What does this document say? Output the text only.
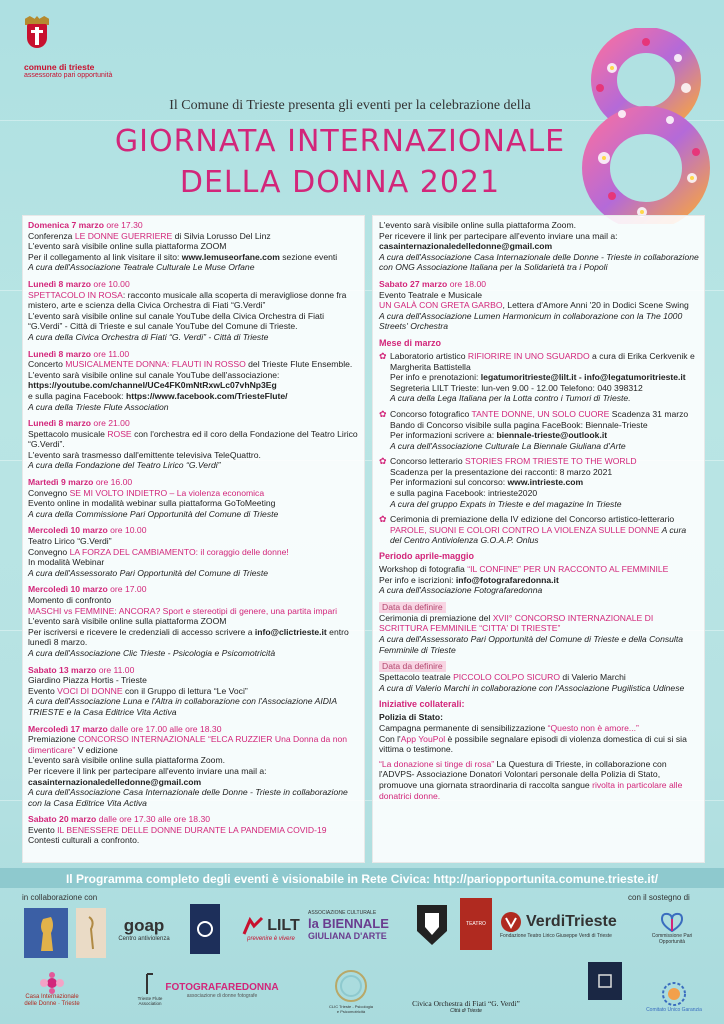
comune di trieste
assessorato pari opportunità
Il Comune di Trieste presenta gli eventi per la celebrazione della
GIORNATA INTERNAZIONALE
DELLA DONNA 2021
Domenica 7 marzo ore 17.30
Conferenza LE DONNE GUERRIERE di Silvia Lorusso Del Linz
L'evento sarà visibile online sulla piattaforma ZOOM
Per il collegamento al link visitare il sito: www.lemuseorfane.com sezione eventi
A cura dell'Associazione Teatrale Culturale Le Muse Orfane
Lunedì 8 marzo ore 10.00
SPETTACOLO IN ROSA: racconto musicale alla scoperta di meravigliose donne fra mistero, arte e scienza della Civica Orchestra di Fiati “G.Verdi”
L'evento sarà visibile online sul canale YouTube della Civica Orchestra di Fiati “G.Verdi” - Città di Trieste e sul canale YouTube del Comune di Trieste.
A cura della Civica Orchestra di Fiati “G. Verdi” - Città di Trieste
Lunedì 8 marzo ore 11.00
Concerto MUSICALMENTE DONNA: FLAUTI IN ROSSO del Trieste Flute Ensemble.
L'evento sarà visibile online sul canale YouTube dell'associazione:
https://youtube.com/channel/UCe4FK0mNtRxwLc07vhNp3Eg
e sulla pagina Facebook: https://www.facebook.com/TriesteFlute/
A cura della Trieste Flute Association
Lunedì 8 marzo ore 21.00
Spettacolo musicale ROSE con l'orchestra ed il coro della Fondazione del Teatro Lirico “G.Verdi”.
L'evento sarà trasmesso dall'emittente televisiva TeleQuattro.
A cura della Fondazione del Teatro Lirico “G.Verdi”
Martedì 9 marzo ore 16.00
Convegno SE MI VOLTO INDIETRO – La violenza economica
Evento online in modalità webinar sulla piattaforma GoToMeeting
A cura della Commissione Pari Opportunità del Comune di Trieste
Mercoledì 10 marzo ore 10.00
Teatro Lirico “G.Verdi”
Convegno LA FORZA DEL CAMBIAMENTO: il coraggio delle donne!
In modalità Webinar
A cura dell'Assessorato Pari Opportunità del Comune di Trieste
Mercoledì 10 marzo ore 17.00
Momento di confronto
MASCHI vs FEMMINE: ANCORA? Sport e stereotipi di genere, una partita impari
L'evento sarà visibile online sulla piattaforma ZOOM
Per iscriversi e ricevere le credenziali di accesso scrivere a info@clictrieste.it entro lunedì 8 marzo.
A cura dell'Associazione Clic Trieste - Psicologia e Psicomotricità
Sabato 13 marzo ore 11.00
Giardino Piazza Hortis - Trieste
Evento VOCI DI DONNE con il Gruppo di lettura “Le Voci”
A cura dell'Associazione Luna e l'Altra in collaborazione con l'Associazione AIDIA TRIESTE e la Casa Editrice Vita Activa
Mercoledì 17 marzo dalle ore 17.00 alle ore 18.30
Premiazione CONCORSO INTERNAZIONALE “ELCA RUZZIER Una Donna da non dimenticare” V edizione
L'evento sarà visibile online sulla piattaforma Zoom.
Per ricevere il link per partecipare all'evento inviare una mail a:
casainternazionaledelledonne@gmail.com
A cura dell'Associazione Casa Internazionale delle Donne - Trieste in collaborazione con la Casa Editrice Vita Activa
Sabato 20 marzo dalle ore 17.30 alle ore 18.30
Evento IL BENESSERE DELLE DONNE DURANTE LA PANDEMIA COVID-19
Contesti culturali a confronto.
L'evento sarà visibile online sulla piattaforma Zoom.
Per ricevere il link per partecipare all'evento inviare una mail a:
casainternazionaledelledonne@gmail.com
A cura dell'Associazione Casa Internazionale delle Donne - Trieste in collaborazione con ONG Associazione Italiana per la Solidarietà tra i Popoli
Sabato 27 marzo ore 18.00
Evento Teatrale e Musicale
UN GALÀ CON GRETA GARBO, Lettera d'Amore Anni '20 in Dodici Scene Swing
A cura dell'Associazione Lumen Harmonicum in collaborazione con la The 1000 Streets' Orchestra
Mese di marzo
✿ Laboratorio artistico RIFIORIRE IN UNO SGUARDO a cura di Erika Cerkvenik e Margherita Battistella
Per info e prenotazioni: legatumoritrieste@lilt.it - info@legatumoritrieste.it
Segreteria LILT Trieste: lun-ven 9.00 - 12.00 Telefono: 040 398312
A cura della Lega Italiana per la Lotta contro i Tumori di Trieste.
✿ Concorso fotografico TANTE DONNE, UN SOLO CUORE Scadenza 31 marzo
Bando di Concorso visibile sulla pagina FaceBook: Biennale-Trieste
Per informazioni scrivere a: biennale-trieste@outlook.it
A cura dell'Associazione Culturale La Biennale Giuliana d'Arte
✿ Concorso letterario STORIES FROM TRIESTE TO THE WORLD
Scadenza per la presentazione dei racconti: 8 marzo 2021
Per informazioni sul concorso: www.intrieste.com
e sulla pagina Facebook: intrieste2020
A cura del gruppo Expats in Trieste e del magazine In Trieste
✿ Cerimonia di premiazione della IV edizione del Concorso artistico-letterario PAROLE, SUONI E COLORI CONTRO LA VIOLENZA SULLE DONNE A cura del Centro Antiviolenza G.O.A.P. Onlus
Periodo aprile-maggio
Workshop di fotografia “IL CONFINE” PER UN RACCONTO AL FEMMINILE
Per info e iscrizioni: info@fotografaredonna.it
A cura dell'Associazione Fotografaredonna
Data da definire
Cerimonia di premiazione del XVII° CONCORSO INTERNAZIONALE DI SCRITTURA FEMMINILE “CITTA' DI TRIESTE”
A cura dell'Assessorato Pari Opportunità del Comune di Trieste e della Consulta Femminile di Trieste
Data da definire
Spettacolo teatrale PICCOLO COLPO SICURO di Valerio Marchi
A cura di Valerio Marchi in collaborazione con l'Associazione Pugilistica Udinese
Iniziative collaterali:
Polizia di Stato:
Campagna permanente di sensibilizzazione “Questo non è amore...”
Con l'App YouPol è possibile segnalare episodi di violenza domestica di cui si sia vittima o testimone.
“La donazione si tinge di rosa” La Questura di Trieste, in collaborazione con l'ADVPS- Associazione Donatori Volontari personale della Polizia di Stato, promuove una giornata straordinaria di raccolta sangue rivolta in particolare alle donatrici donne.
Il Programma completo degli eventi è visionabile in Rete Civica: http://pariopportunita.comune.trieste.it/
in collaborazione con	con il sostegno di
goap
Centro antiviolenza
LILT
prevenire è vivere
ASSOCIAZIONE CULTURALE
la BIENNALE
GIULIANA D'ARTE
TEATRO	VerdiTrieste
Fondazione Teatro Lirico Giuseppe Verdi di Trieste	Commissione Pari Opportunità
Casa Internazionale delle Donne · Trieste
Trieste Flute Association
FOTOGRAFAREDONNA
associazione di donne fotografe
CLIC Trieste - Psicologia e Psicomotricità
Civica Orchestra di Fiati “G. Verdi”
Città di Trieste	Comitato Unico Garanzia
